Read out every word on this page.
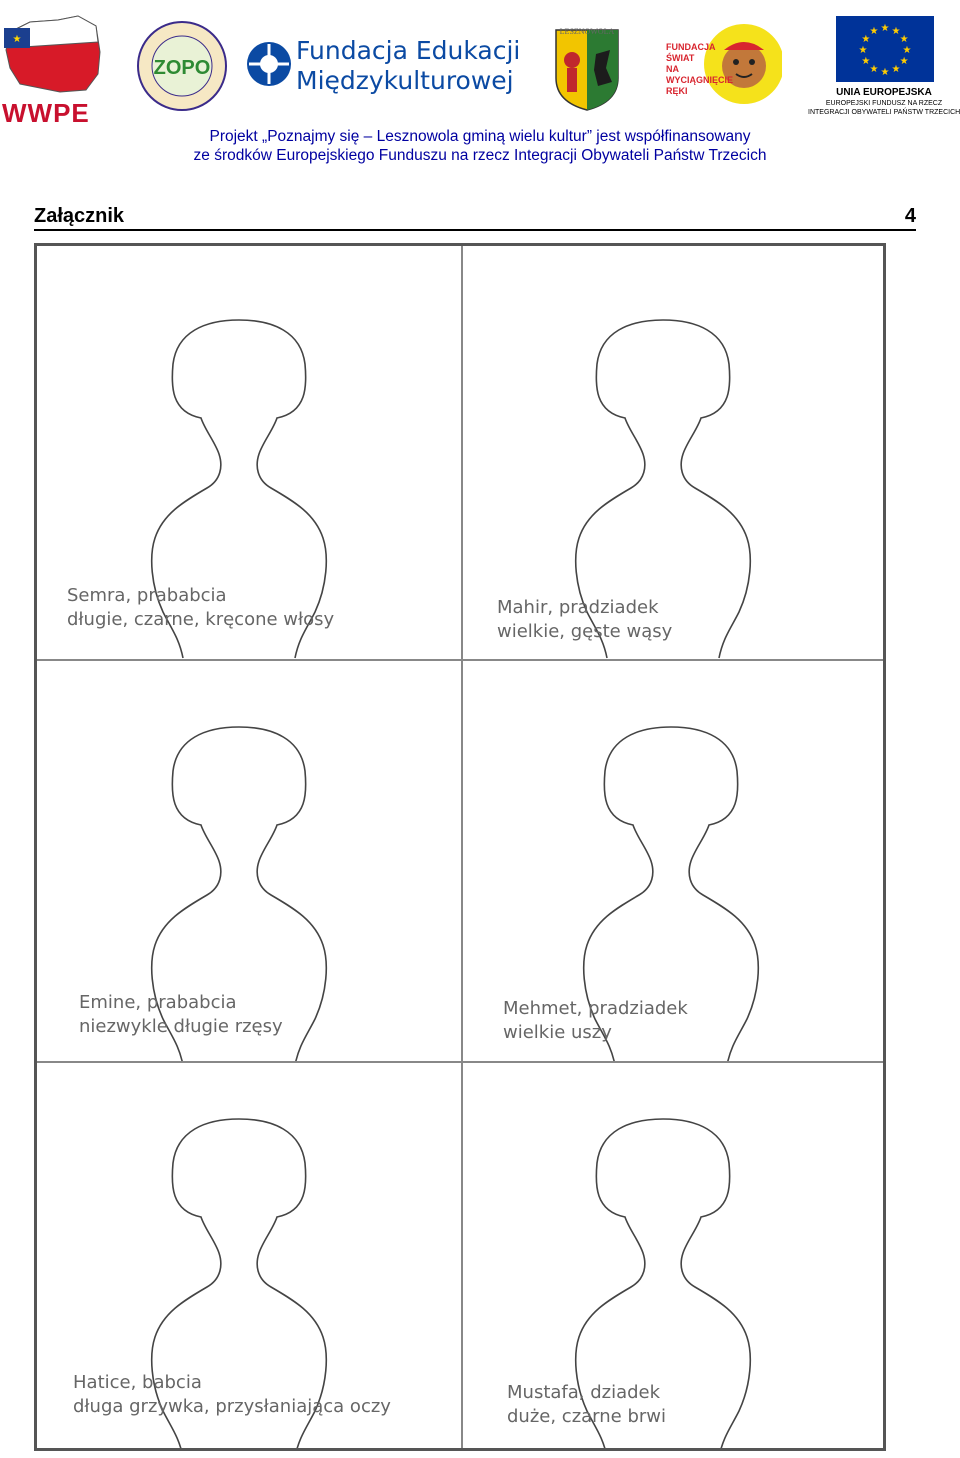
★
WWPE
ZOPO
Fundacja Edukacji
Międzykulturowej
LESZNOWOLA
FUNDACJA
ŚWIAT
NA
WYCIĄGNIĘCIE
RĘKI
★
★
★
★
★
★
★
★
★ ★ ★
★
UNIA EUROPEJSKA
EUROPEJSKI FUNDUSZ NA RZECZ
INTEGRACJI OBYWATELI PAŃSTW TRZECICH
Projekt „Poznajmy się – Lesznowola gminą wielu kultur” jest współfinansowany
ze środków Europejskiego Funduszu na rzecz Integracji Obywateli Państw Trzecich
Załącznik	4
Semra, prababcia
długie, czarne, kręcone włosy
Mahir, pradziadek
wielkie, gęste wąsy
Emine, prababcia
niezwykle długie rzęsy
Mehmet, pradziadek
wielkie uszy
Hatice, babcia
długa grzywka, przysłaniająca oczy
Mustafa, dziadek
duże, czarne brwi
